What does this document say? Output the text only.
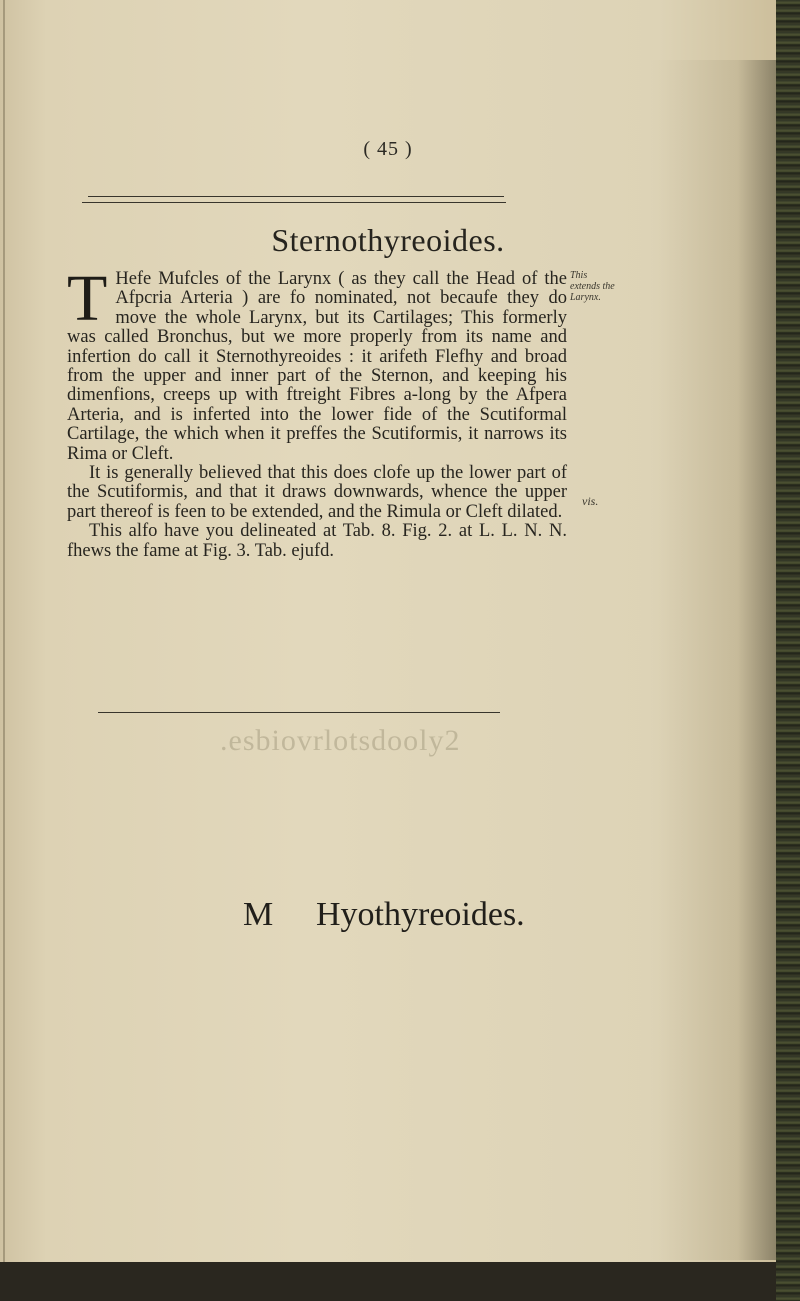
( 45 )
Sternothyreoides.

T Hefe Mufcles of the Larynx ( as they call the Head of the Afpcria Arteria ) are fo nominated, not becaufe they do move the whole Larynx, but its Cartilages; This formerly was called Bronchus, but we more properly from its name and infertion do call it Sternothyreoides : it arifeth Flefhy and broad from the upper and inner part of the Sternon, and keeping his dimenfions, creeps up with ftreight Fibres a-long by the Afpera Arteria, and is inferted into the lower fide of the Scutiformal Cartilage, the which when it preffes the Scutiformis, it narrows its Rima or Cleft.

It is generally believed that this does clofe up the lower part of the Scutiformis, and that it draws downwards, whence the upper part thereof is feen to be extended, and the Rimula or Cleft dilated.

This alfo have you delineated at Tab. 8. Fig. 2. at L. L. N. N. fhews the fame at Fig. 3. Tab. ejufd.

This extends the Larynx.
vis.
.esbiovrlotsdooly2
M Hyothyreoides.
